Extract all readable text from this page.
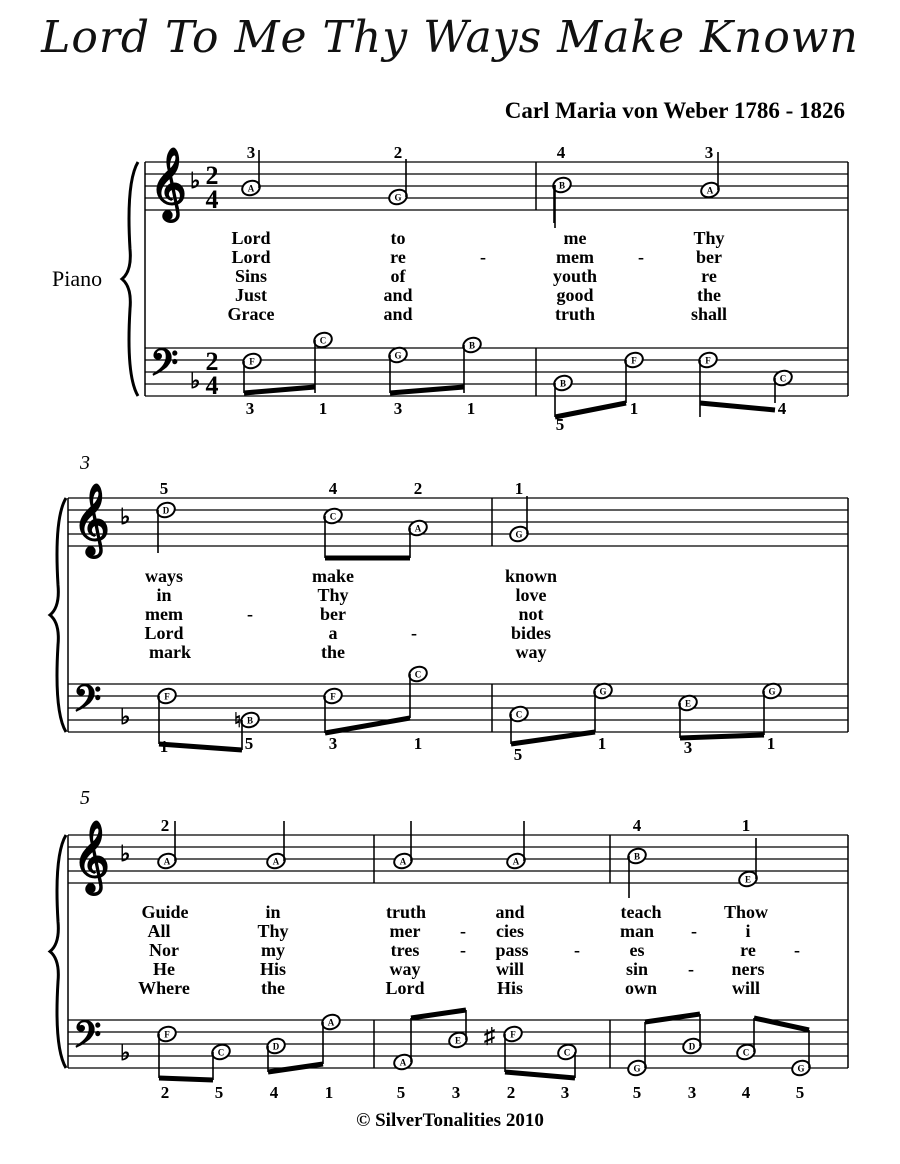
Lord To Me Thy Ways Make Known
Carl Maria von Weber 1786 - 1826
Piano
3
5
© SilverTonalities 2010
𝄞
𝄢
♭
♭
2
4
2
4
A
G
B	A
3	2	4	3
Lord	to	me	Thy
Lord	re	-	mem -	ber
Sins	of	youth	re
Just	and	good	the
Grace	and	truth	shall
F
C
G
B
B
F	F
C
3	1	3	1
5
1	4
𝄞
𝄢
♭
♭
D
C
A
G
5	4	2	1
ways	make	known
in	Thy	love
mem	-	ber	not
Lord	a	-	bides
mark	the	way
F
B
F
C
C
G
E
G
♮
1	5	3	1
5
1	3	1
𝄞
𝄢
♭
♭
A	A	A	A	B
E
2	4	1
Guide	in	truth	and	teach	Thow
All	Thy	mer - cies	man -	i
Nor	my	tres - pass	-	es	re -
He	His	way	will	sin - ners
Where	the	Lord	His	own	will
F
C
D
A
A
E
F
C
G
D
C
G
♯
2	5	4	1	5	3	2	3	5	3	4	5
